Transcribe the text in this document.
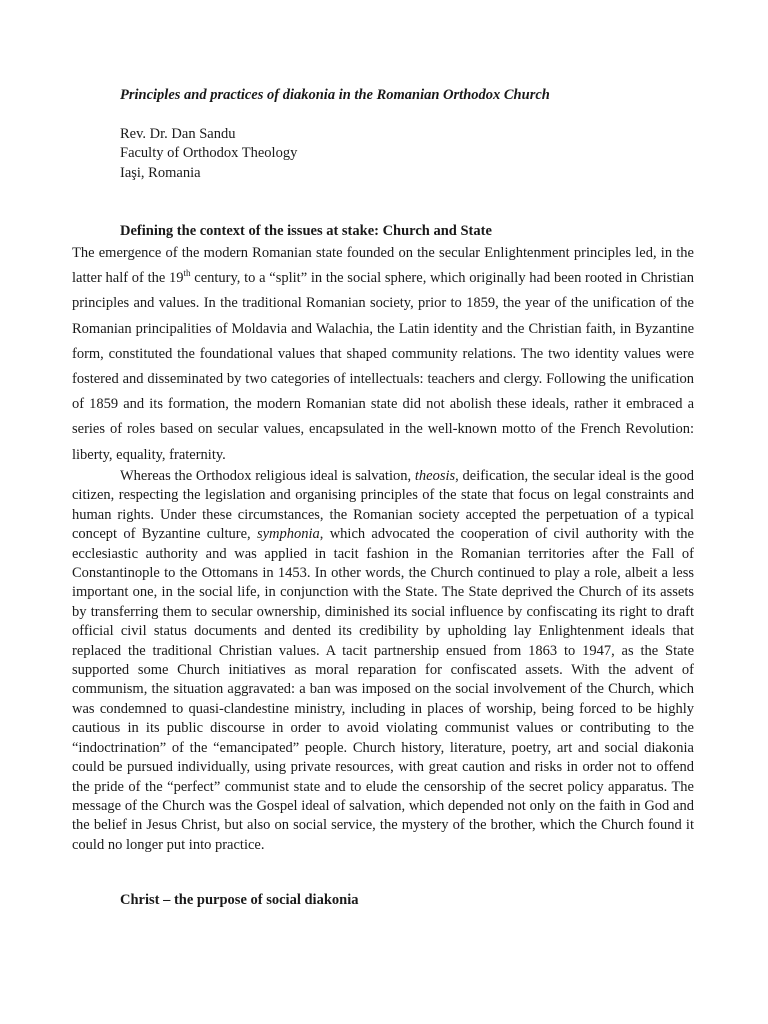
Principles and practices of diakonia in the Romanian Orthodox Church
Rev. Dr. Dan Sandu
Faculty of Orthodox Theology
Iaşi, Romania
Defining the context of the issues at stake: Church and State

The emergence of the modern Romanian state founded on the secular Enlightenment principles led, in the latter half of the 19th century, to a “split” in the social sphere, which originally had been rooted in Christian principles and values. In the traditional Romanian society, prior to 1859, the year of the unification of the Romanian principalities of Moldavia and Walachia, the Latin identity and the Christian faith, in Byzantine form, constituted the foundational values that shaped community relations. The two identity values were fostered and disseminated by two categories of intellectuals: teachers and clergy. Following the unification of 1859 and its formation, the modern Romanian state did not abolish these ideals, rather it embraced a series of roles based on secular values, encapsulated in the well-known motto of the French Revolution: liberty, equality, fraternity.

Whereas the Orthodox religious ideal is salvation, theosis, deification, the secular ideal is the good citizen, respecting the legislation and organising principles of the state that focus on legal constraints and human rights. Under these circumstances, the Romanian society accepted the perpetuation of a typical concept of Byzantine culture, symphonia, which advocated the cooperation of civil authority with the ecclesiastic authority and was applied in tacit fashion in the Romanian territories after the Fall of Constantinople to the Ottomans in 1453. In other words, the Church continued to play a role, albeit a less important one, in the social life, in conjunction with the State. The State deprived the Church of its assets by transferring them to secular ownership, diminished its social influence by confiscating its right to draft official civil status documents and dented its credibility by upholding lay Enlightenment ideals that replaced the traditional Christian values. A tacit partnership ensued from 1863 to 1947, as the State supported some Church initiatives as moral reparation for confiscated assets. With the advent of communism, the situation aggravated: a ban was imposed on the social involvement of the Church, which was condemned to quasi-clandestine ministry, including in places of worship, being forced to be highly cautious in its public discourse in order to avoid violating communist values or contributing to the “indoctrination” of the “emancipated” people. Church history, literature, poetry, art and social diakonia could be pursued individually, using private resources, with great caution and risks in order not to offend the pride of the “perfect” communist state and to elude the censorship of the secret policy apparatus. The message of the Church was the Gospel ideal of salvation, which depended not only on the faith in God and the belief in Jesus Christ, but also on social service, the mystery of the brother, which the Church found it could no longer put into practice.

Christ – the purpose of social diakonia
